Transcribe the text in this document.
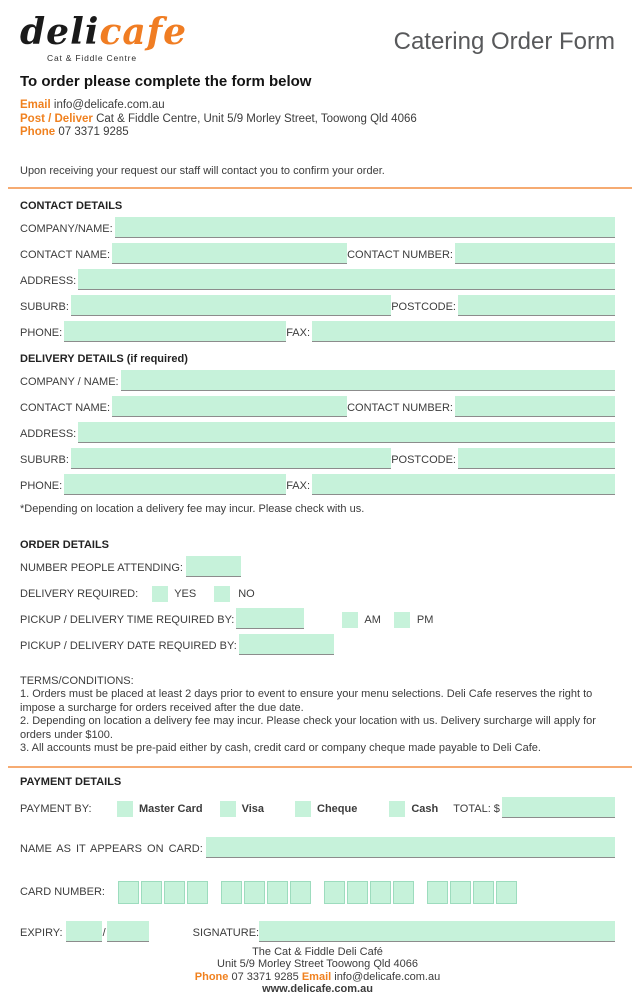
delicafe
Cat & Fiddle Centre
Catering Order Form
To order please complete the form below
Email info@delicafe.com.au
Post / Deliver Cat & Fiddle Centre, Unit 5/9 Morley Street, Toowong Qld 4066
Phone 07 3371 9285
Upon receiving your request our staff will contact you to confirm your order.
CONTACT DETAILS
COMPANY/NAME:
CONTACT NAME:	CONTACT NUMBER:
ADDRESS:
SUBURB:	POSTCODE:
PHONE:	FAX:
DELIVERY DETAILS (if required)
COMPANY / NAME:
CONTACT NAME:	CONTACT NUMBER:
ADDRESS:
SUBURB:	POSTCODE:
PHONE:	FAX:
*Depending on location a delivery fee may incur. Please check with us.
ORDER DETAILS
NUMBER PEOPLE ATTENDING:
DELIVERY REQUIRED:	YES	NO
PICKUP / DELIVERY TIME REQUIRED BY:	AM	PM
PICKUP / DELIVERY DATE REQUIRED BY:
TERMS/CONDITIONS:
1. Orders must be placed at least 2 days prior to event to ensure your menu selections. Deli Cafe reserves the right to impose a surcharge for orders received after the due date.
2. Depending on location a delivery fee may incur. Please check your location with us. Delivery surcharge will apply for orders under $100.
3. All accounts must be pre-paid either by cash, credit card or company cheque made payable to Deli Cafe.
PAYMENT DETAILS
PAYMENT BY:	Master Card	Visa	Cheque	Cash TOTAL: $
NAME AS IT APPEARS ON CARD:
CARD NUMBER:
EXPIRY:	/	SIGNATURE:
The Cat & Fiddle Deli Café
Unit 5/9 Morley Street Toowong Qld 4066
Phone 07 3371 9285 Email info@delicafe.com.au
www.delicafe.com.au
